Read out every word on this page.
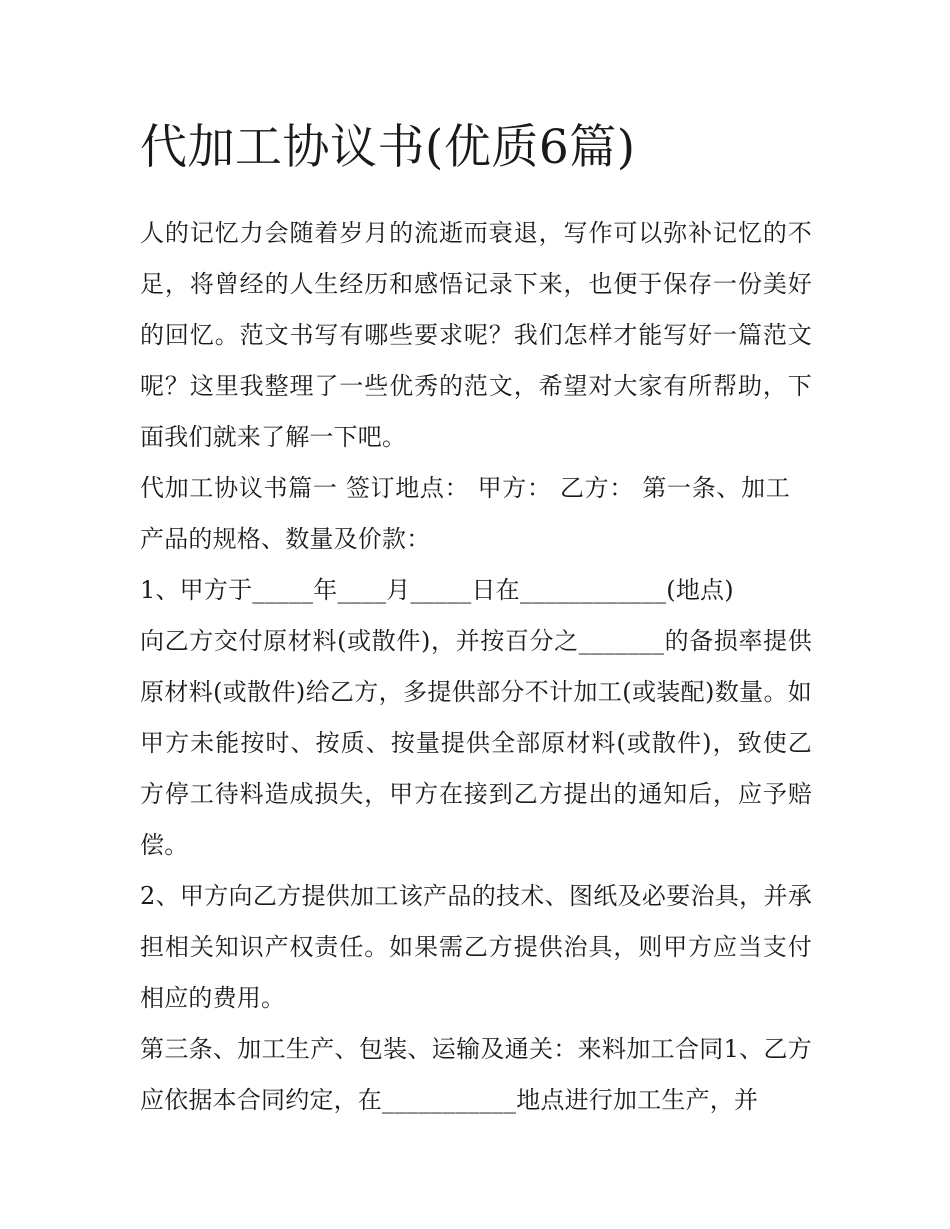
代加工协议书(优质6篇)

人的记忆力会随着岁月的流逝而衰退，写作可以弥补记忆的不足，将曾经的人生经历和感悟记录下来，也便于保存一份美好的回忆。范文书写有哪些要求呢？我们怎样才能写好一篇范文呢？这里我整理了一些优秀的范文，希望对大家有所帮助，下面我们就来了解一下吧。

代加工协议书篇一 签订地点： 甲方： 乙方： 第一条、加工产品的规格、数量及价款：

1、甲方于_____年____月_____日在____________(地点)

向乙方交付原材料(或散件)，并按百分之_______的备损率提供原材料(或散件)给乙方，多提供部分不计加工(或装配)数量。如甲方未能按时、按质、按量提供全部原材料(或散件)，致使乙方停工待料造成损失，甲方在接到乙方提出的通知后，应予赔偿。

2、甲方向乙方提供加工该产品的技术、图纸及必要治具，并承担相关知识产权责任。如果需乙方提供治具，则甲方应当支付相应的费用。

第三条、加工生产、包装、运输及通关：来料加工合同1、乙方应依据本合同约定，在___________地点进行加工生产，并
